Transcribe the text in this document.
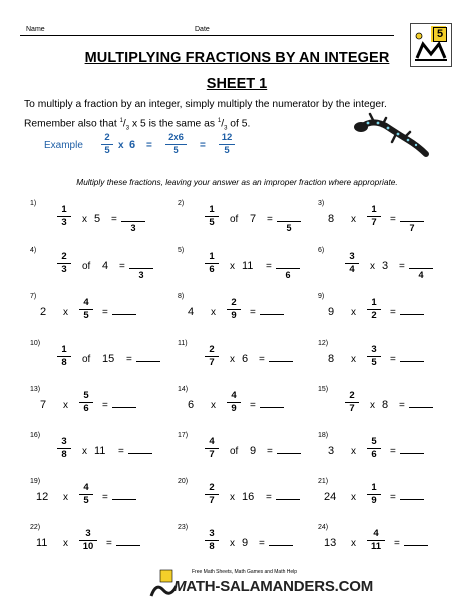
Name	Date	5
MULTIPLYING FRACTIONS BY AN INTEGER
SHEET 1
To multiply a fraction by an integer, simply multiply the numerator by the integer.
Remember also that $^1/_3$ x 5 is the same as $^1/_3$ of 5.
Example
2
5 x 6 =
2x6
5	=
12
5
Multiply these fractions, leaving your answer as an improper fraction where appropriate.
1)
1
3	x 5 =
3
2)
1
5	of 7 =
5
3)
8 x
1
7	=
7
4)
2
3	of 4 =
3
5)
1
6	x 11 =
6
6)
3
4	x 3 =
4
7)
2 x
4
5	=
8)
4 x
2
9	=
9)
9 x
1
2	=
10)
1
8	of 15 =
11)
2
7	x 6 =
12)
8 x
3
5	=
13)
7 x
5
6	=
14)
6 x
4
9	=
15)
2
7	x 8 =
16)
3
8	x 11 =
17)
4
7	of 9 =
18)
3 x
5
6	=
19)
12 x
4
5	=
20)
2
7	x 16 =
21)
24 x
1
9	=
22)
11 x
3
10	=
23)
3
8	x 9 =
24)
13 x
4
11	=
Free Math Sheets, Math Games and Math Help
MATH-SALAMANDERS.COM
